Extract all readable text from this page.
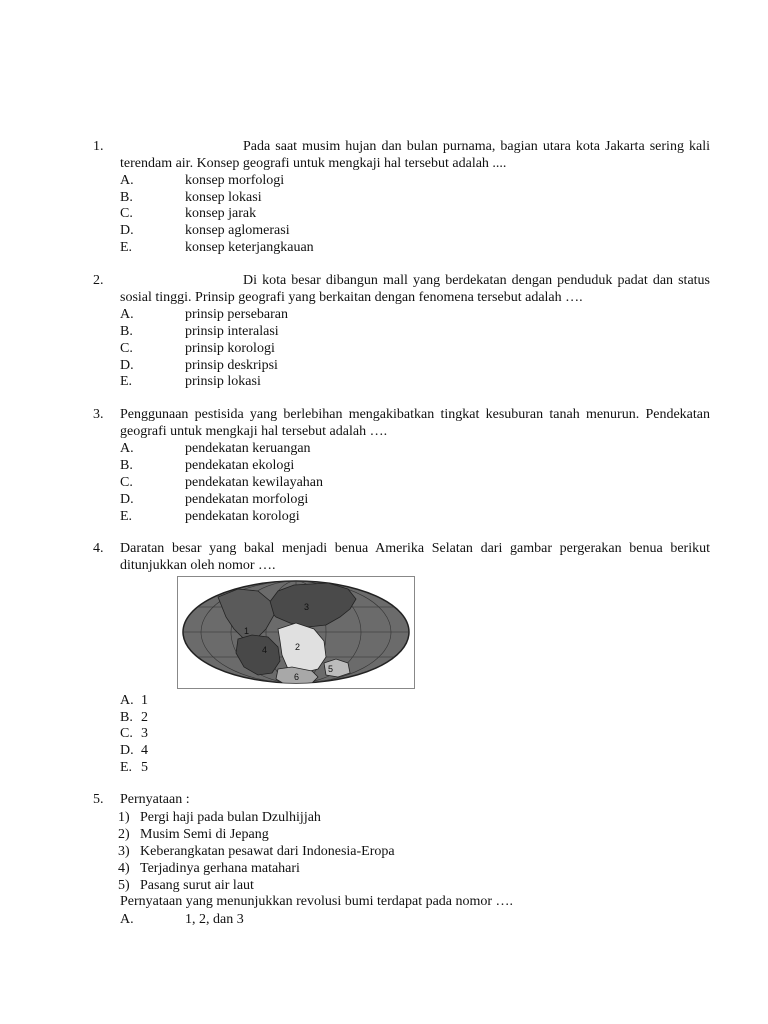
1.	Pada saat musim hujan dan bulan purnama, bagian utara kota Jakarta sering kali terendam air. Konsep geografi untuk mengkaji hal tersebut adalah ....
A.	konsep morfologi
B.	konsep lokasi
C.	konsep jarak
D.	konsep aglomerasi
E.	konsep keterjangkauan
2.	Di kota besar dibangun mall yang berdekatan dengan penduduk padat dan status sosial tinggi. Prinsip geografi yang berkaitan dengan fenomena tersebut adalah ….
A.	prinsip persebaran
B.	prinsip interalasi
C.	prinsip korologi
D.	prinsip deskripsi
E.	prinsip lokasi
3. Penggunaan pestisida yang berlebihan mengakibatkan tingkat kesuburan tanah menurun. Pendekatan geografi untuk mengkaji hal tersebut adalah ….
A.	pendekatan keruangan
B.	pendekatan ekologi
C.	pendekatan kewilayahan
D.	pendekatan morfologi
E.	pendekatan korologi
4. Daratan besar yang bakal menjadi benua Amerika Selatan dari gambar pergerakan benua berikut ditunjukkan oleh nomor ….
3
1
4	2
5
6
A. 1
B. 2
C. 3
D. 4
E. 5
5. Pernyataan :
1) Pergi haji pada bulan Dzulhijjah
2) Musim Semi di Jepang
3) Keberangkatan pesawat dari Indonesia-Eropa
4) Terjadinya gerhana matahari
5) Pasang surut air laut
Pernyataan yang menunjukkan revolusi bumi terdapat pada nomor ….
A.	1, 2, dan 3
